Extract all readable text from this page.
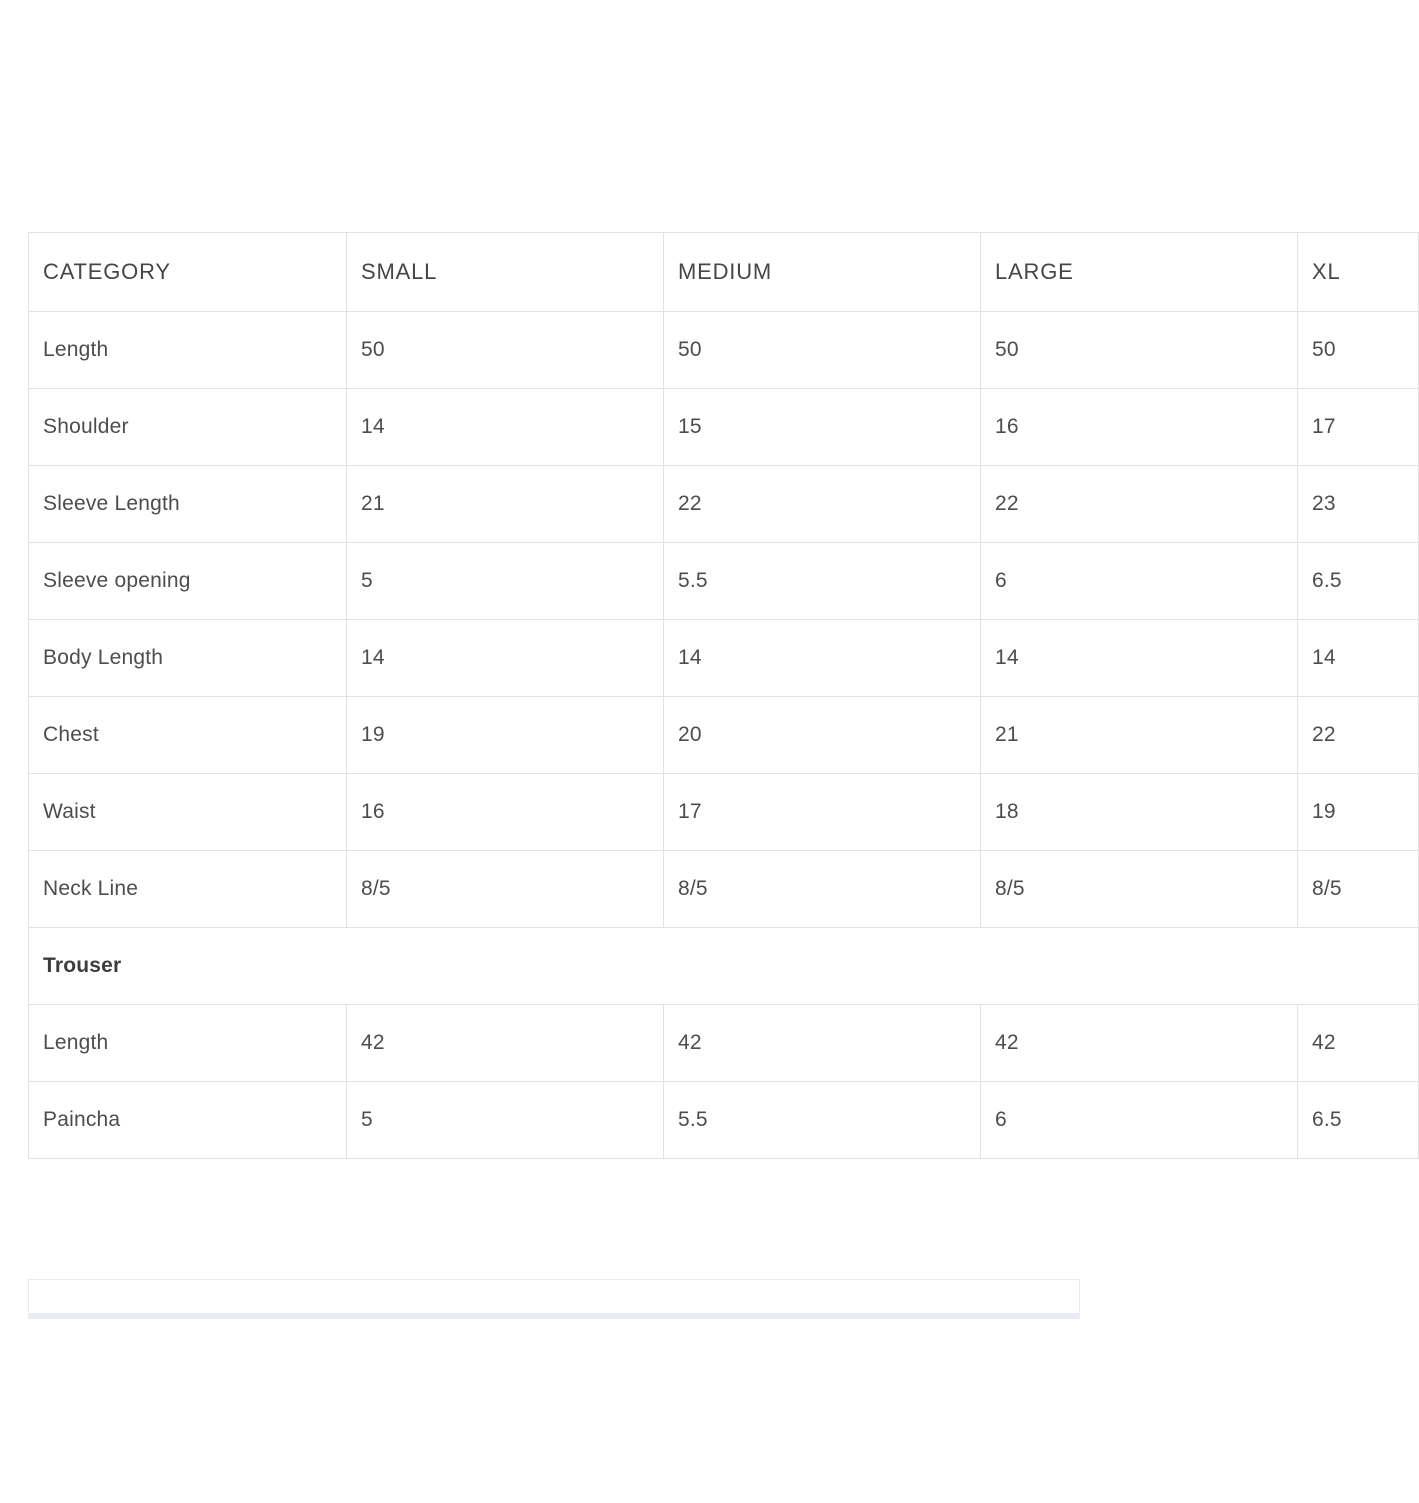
CATEGORY	SMALL	MEDIUM	LARGE	XL
Length	50	50	50	50
Shoulder	14	15	16	17
Sleeve Length	21	22	22	23
Sleeve opening	5	5.5	6	6.5
Body Length	14	14	14	14
Chest	19	20	21	22
Waist	16	17	18	19
Neck Line	8/5	8/5	8/5	8/5
Trouser				
Length	42	42	42	42
Paincha	5	5.5	6	6.5
